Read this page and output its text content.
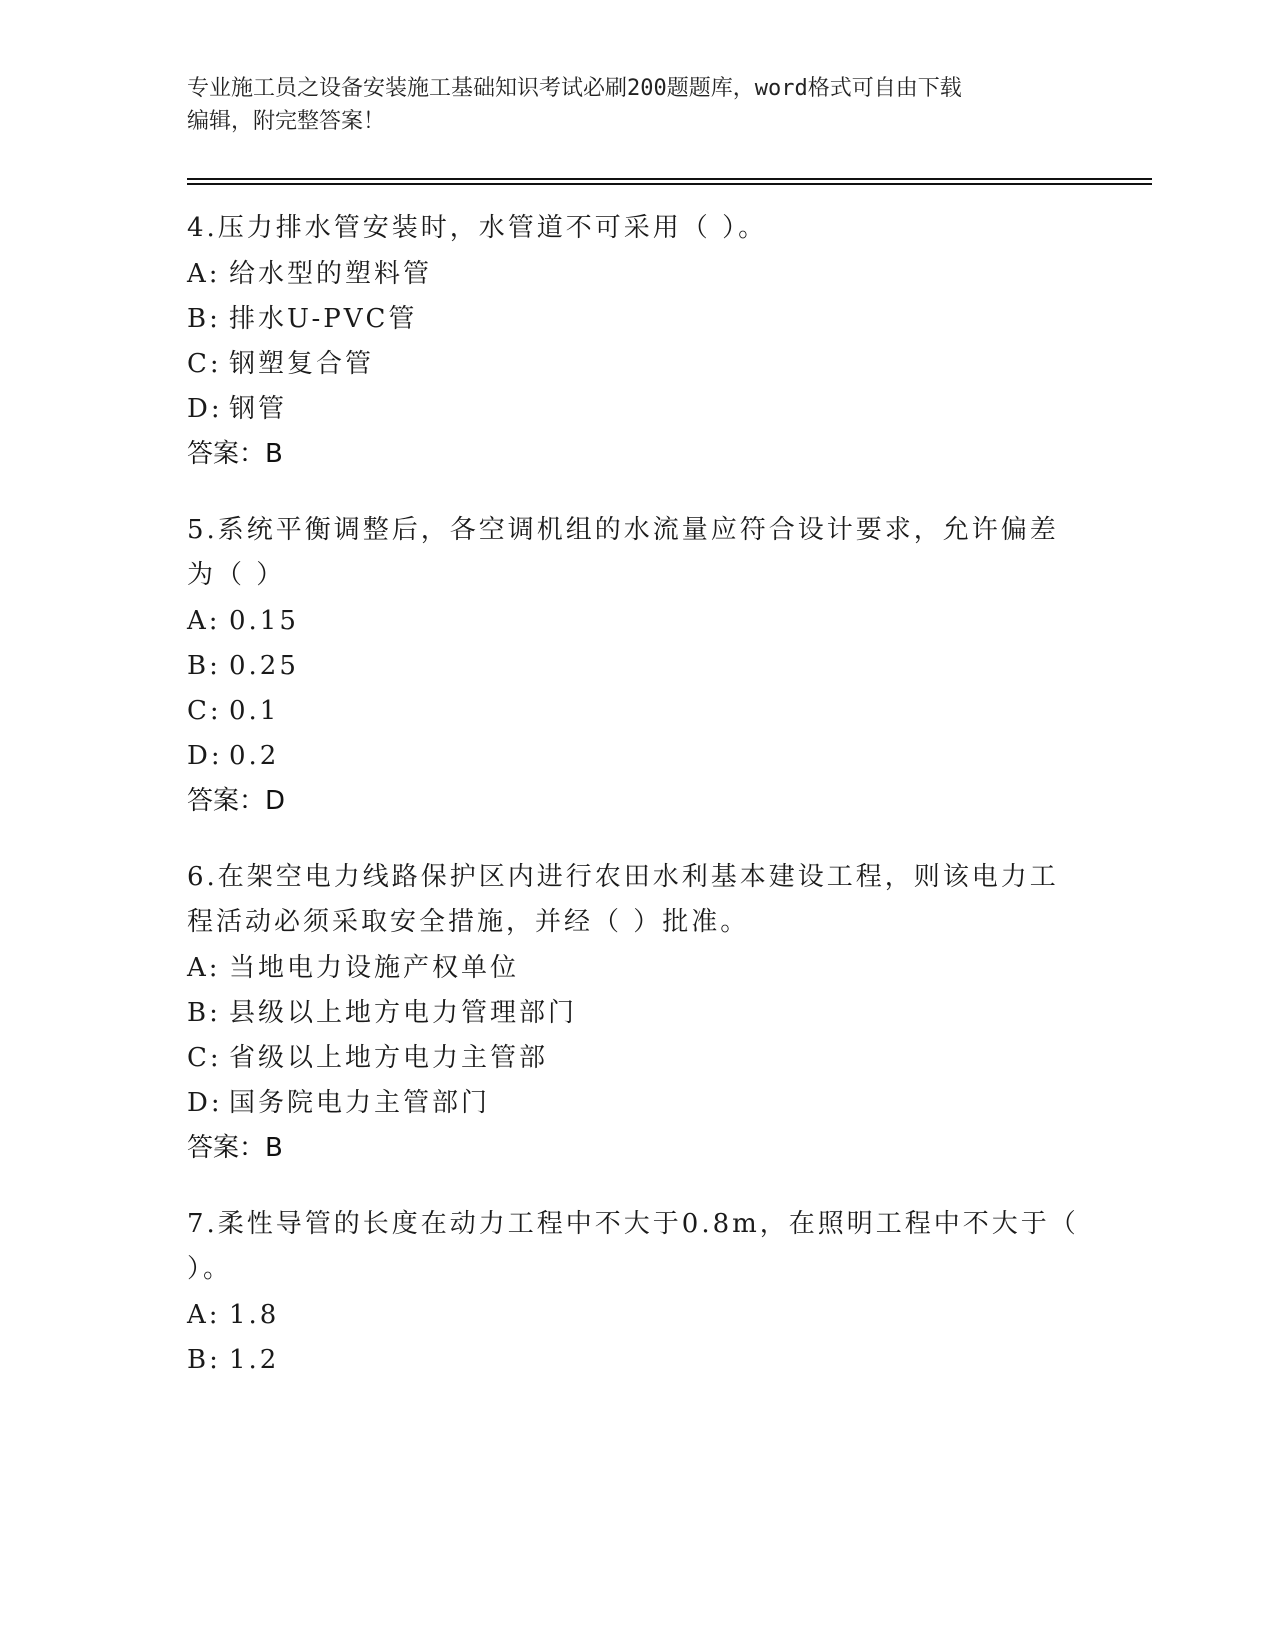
专业施工员之设备安装施工基础知识考试必刷200题题库，word格式可自由下载
编辑，附完整答案！
4.压力排水管安装时，水管道不可采用（ ）。
A: 给水型的塑料管
B: 排水U-PVC管
C: 钢塑复合管
D: 钢管
答案：B
5.系统平衡调整后，各空调机组的水流量应符合设计要求，允许偏差
为（ ）
A: 0.15
B: 0.25
C: 0.1
D: 0.2
答案：D
6.在架空电力线路保护区内进行农田水利基本建设工程，则该电力工
程活动必须采取安全措施，并经（ ）批准。
A: 当地电力设施产权单位
B: 县级以上地方电力管理部门
C: 省级以上地方电力主管部
D: 国务院电力主管部门
答案：B
7.柔性导管的长度在动力工程中不大于0.8m，在照明工程中不大于（
）。
A: 1.8
B: 1.2
